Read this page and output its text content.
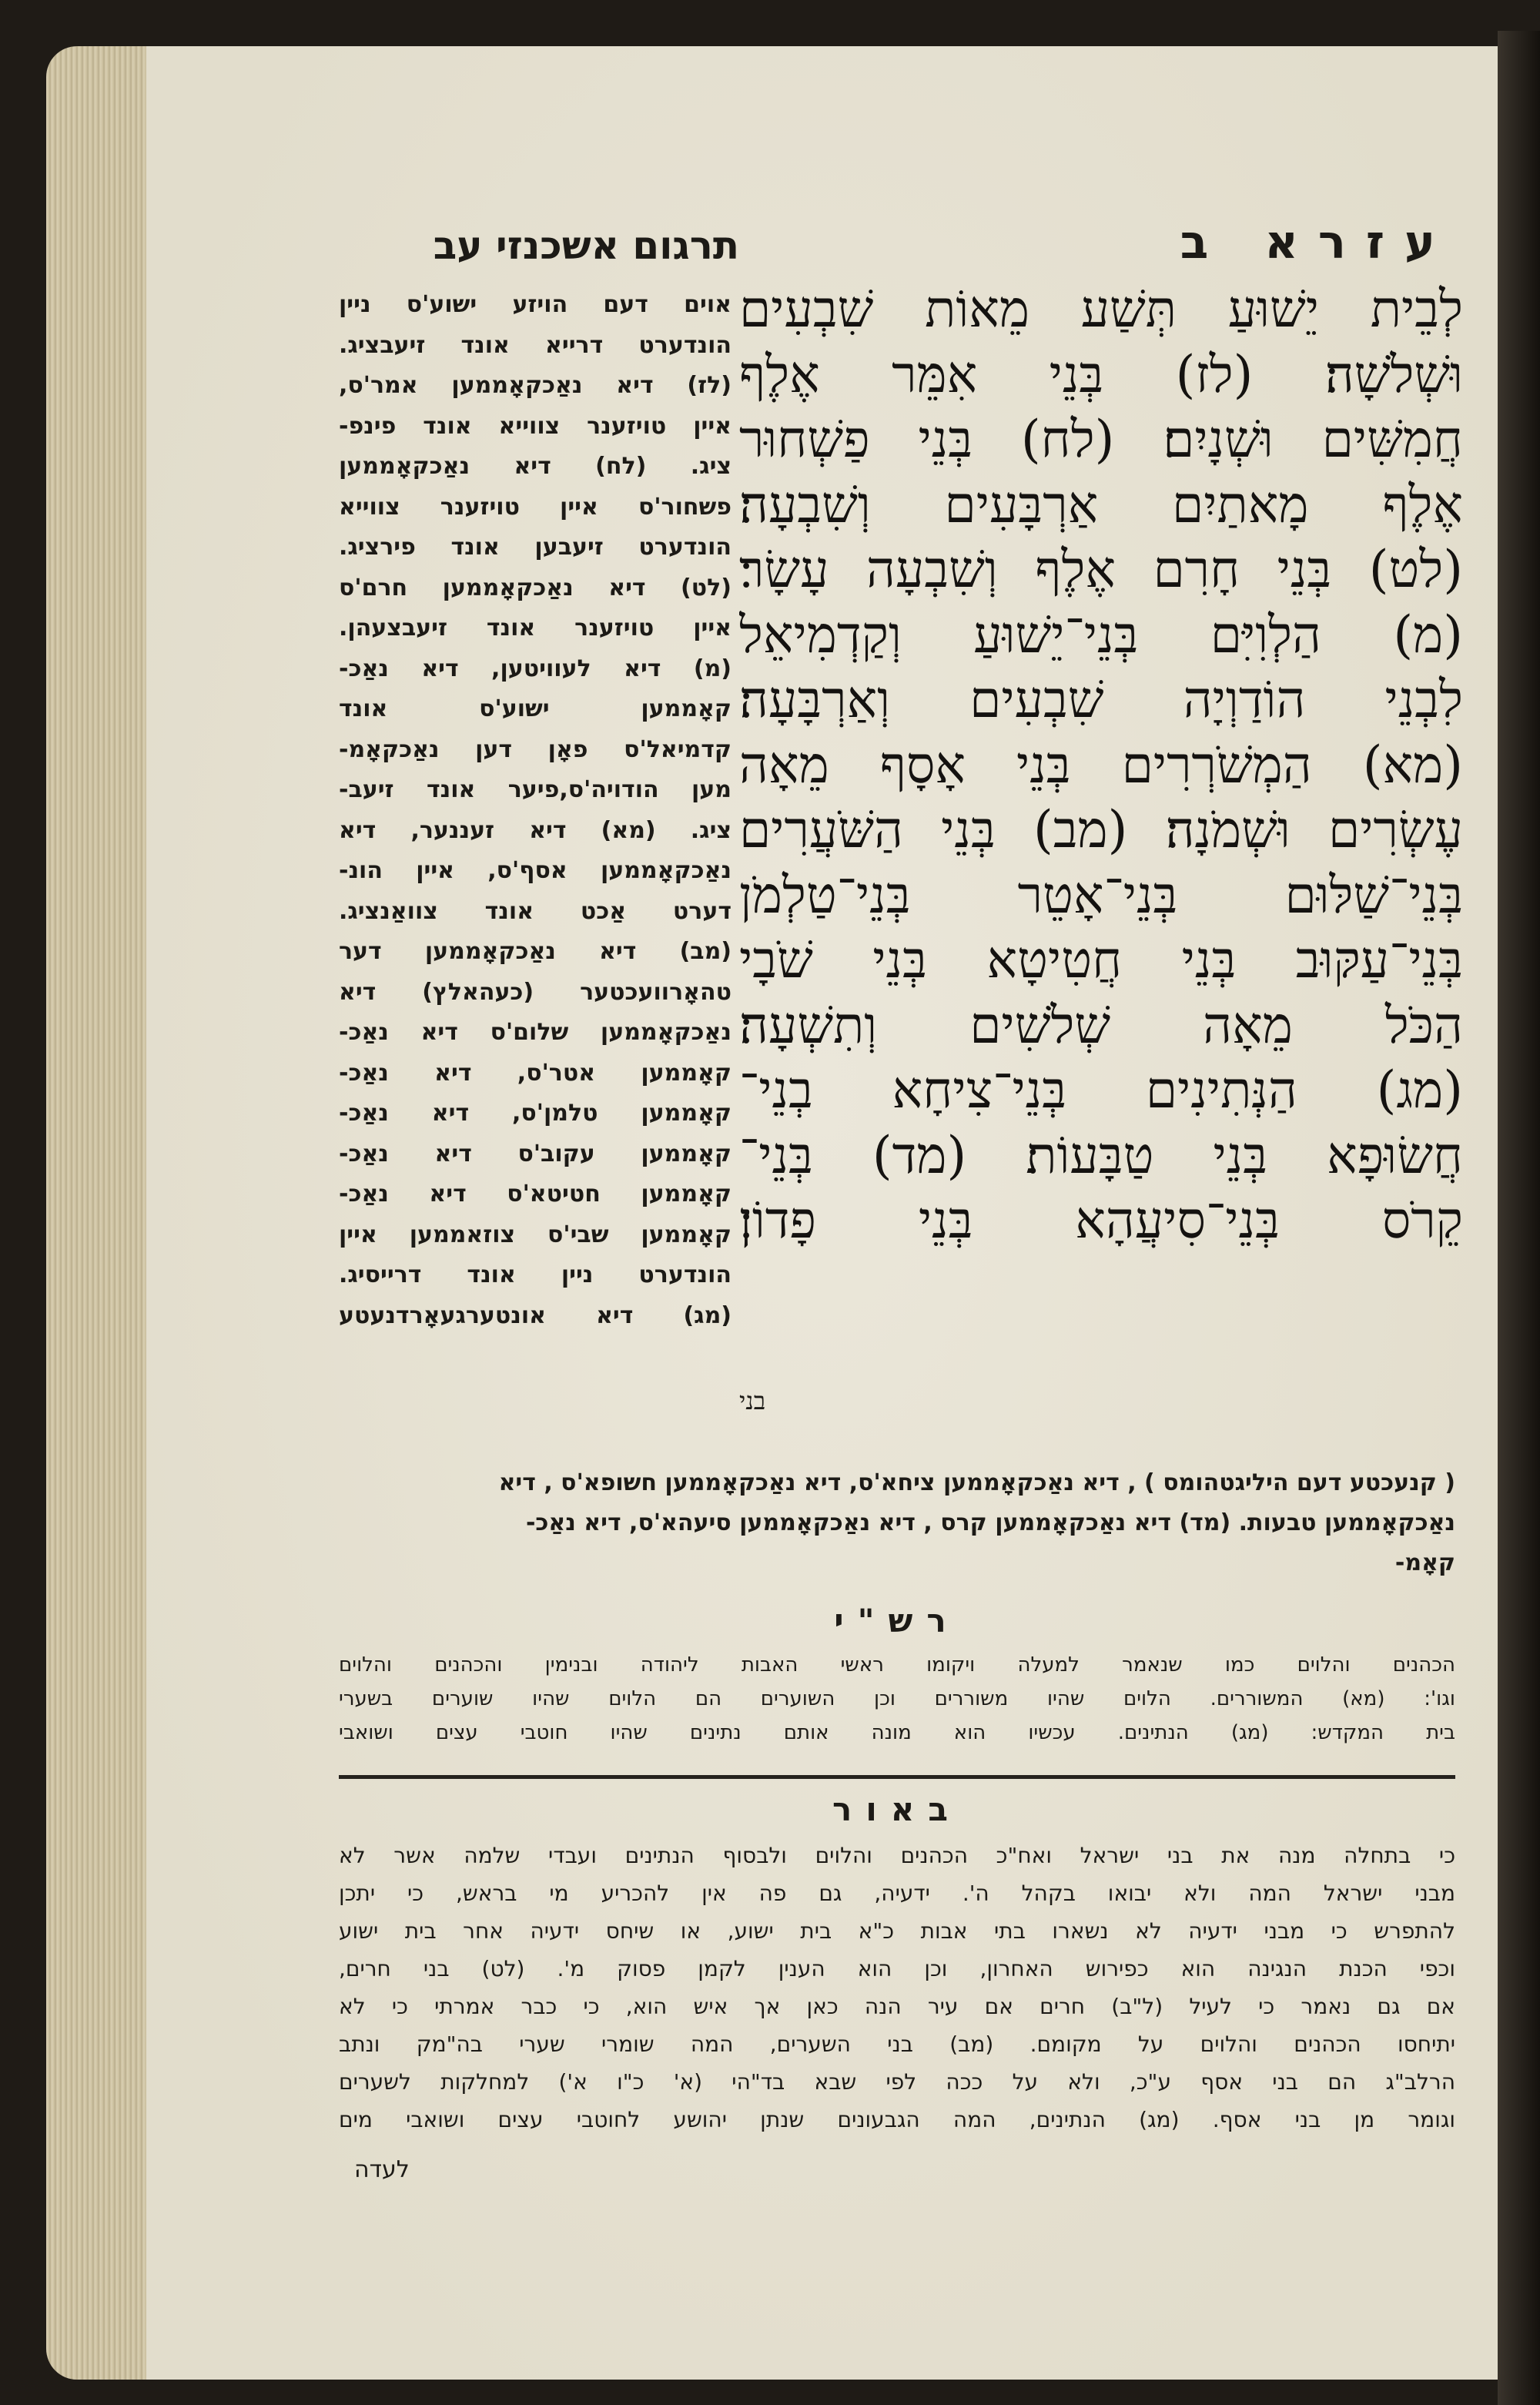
עזרא ב
תרגום אשכנזי עב
לְבֵית יֵשׁוּעַ תְּשַׁע מֵאוֹת שִׁבְעִים
וּשְׁלֹשָׁה׃ (לז) בְּנֵי אִמֵּר אֶלֶף
חֲמִשִּׁים וּשְׁנָיִם׃ (לח) בְּנֵי פַשְׁחוּר
אֶלֶף מָאתַיִם אַרְבָּעִים וְשִׁבְעָה׃
(לט) בְּנֵי חָרִם אֶלֶף וְשִׁבְעָה עָשָׂר׃
(מ) הַלְוִיִּם בְּנֵי־יֵשׁוּעַ וְקַדְמִיאֵל
לִבְנֵי הוֹדַוְיָה שִׁבְעִים וְאַרְבָּעָה׃
(מא) הַמְשֹׁרְרִים בְּנֵי אָסָף מֵאָה
עֶשְׂרִים וּשְׁמֹנָה׃ (מב) בְּנֵי הַשֹּׁעֲרִים
בְּנֵי־שַׁלּוּם בְּנֵי־אָטֵר בְּנֵי־טַלְמֹן
בְּנֵי־עַקּוּב בְּנֵי חֲטִיטָא בְּנֵי שֹׁבָי
הַכֹּל מֵאָה שְׁלֹשִׁים וְתִשְׁעָה׃
(מג) הַנְּתִינִים בְּנֵי־צִיחָא בְנֵי־
חֲשׂוּפָא בְּנֵי טַבָּעוֹת׃ (מד) בְּנֵי־
קֵרֹס בְּנֵי־סִיעֲהָא בְּנֵי פָדוֹן׃
בני
אוים דעם הויזע ישוע'ס ניין
הונדערט דרייא אונד זיעבציג.
(לז) דיא נאַכקאָממען אמר'ס,
איין טויזענר צווייא אונד פינפ-
ציג. (לח) דיא נאַכקאָממען
פשחור'ס איין טויזענר צווייא
הונדערט זיעבען אונד פירציג.
(לט) דיא נאַכקאָממען חרם'ס
איין טויזענר אונד זיעבצעהן.
(מ) דיא לעוויטען, דיא נאַכ-
קאָממען ישוע'ס אונד
קדמיאל'ס פאָן דען נאַכקאָמ-
מען הודויה'ס,פיער אונד זיעב-
ציג. (מא) דיא זעננער, דיא
נאַכקאָממען אסף'ס, איין הונ-
דערט אַכט אונד צוואַנציג.
(מב) דיא נאַכקאָממען דער
טהאָרוועכטער (כעהאלץ) דיא
נאַכקאָממען שלום'ס דיא נאַכ-
קאָממען אטר'ס, דיא נאַכ-
קאָממען טלמן'ס, דיא נאַכ-
קאָממען עקוב'ס דיא נאַכ-
קאָממען חטיטא'ס דיא נאַכ-
קאָממען שבי'ס צוזאממען איין
הונדערט ניין אונד דרייסיג.
(מג) דיא אונטערגעאָרדנעטע
( קנעכטע דעם היליגטהומס ) , דיא נאַכקאָממען ציחא'ס, דיא נאַכקאָממען חשופא'ס , דיא
נאַכקאָממען טבעות. (מד) דיא נאַכקאָממען קרס , דיא נאַכקאָממען סיעהא'ס, דיא נאַכ-
קאָמ-
רש"י
הכהנים והלוים כמו שנאמר למעלה ויקומו ראשי האבות ליהודה ובנימין והכהנים והלוים
וגו': (מא) המשוררים. הלוים שהיו משוררים וכן השוערים הם הלוים שהיו שוערים בשערי
בית המקדש: (מג) הנתינים. עכשיו הוא מונה אותם נתינים שהיו חוטבי עצים ושואבי
באור
כי בתחלה מנה את בני ישראל ואח"כ הכהנים והלוים ולבסוף הנתינים ועבדי שלמה אשר לא
מבני ישראל המה ולא יבואו בקהל ה'. ידעיה, גם פה אין להכריע מי בראש, כי יתכן
להתפרש כי מבני ידעיה לא נשארו בתי אבות כ"א בית ישוע, או שיחס ידעיה אחר בית ישוע
וכפי הכנת הנגינה הוא כפירוש האחרון, וכן הוא הענין לקמן פסוק מ'. (לט) בני חרים,
אם גם נאמר כי לעיל (ל"ב) חרים אם עיר הנה כאן אך איש הוא, כי כבר אמרתי כי לא
יתיחסו הכהנים והלוים על מקומם. (מב) בני השערים, המה שומרי שערי בה"מק ונתב
הרלב"ג הם בני אסף ע"כ, ולא על ככה לפי שבא בד"הי (א' כ"ו א') למחלקות לשערים
וגומר מן בני אסף. (מג) הנתינים, המה הגבעונים שנתן יהושע לחוטבי עצים ושואבי מים
לעדה
